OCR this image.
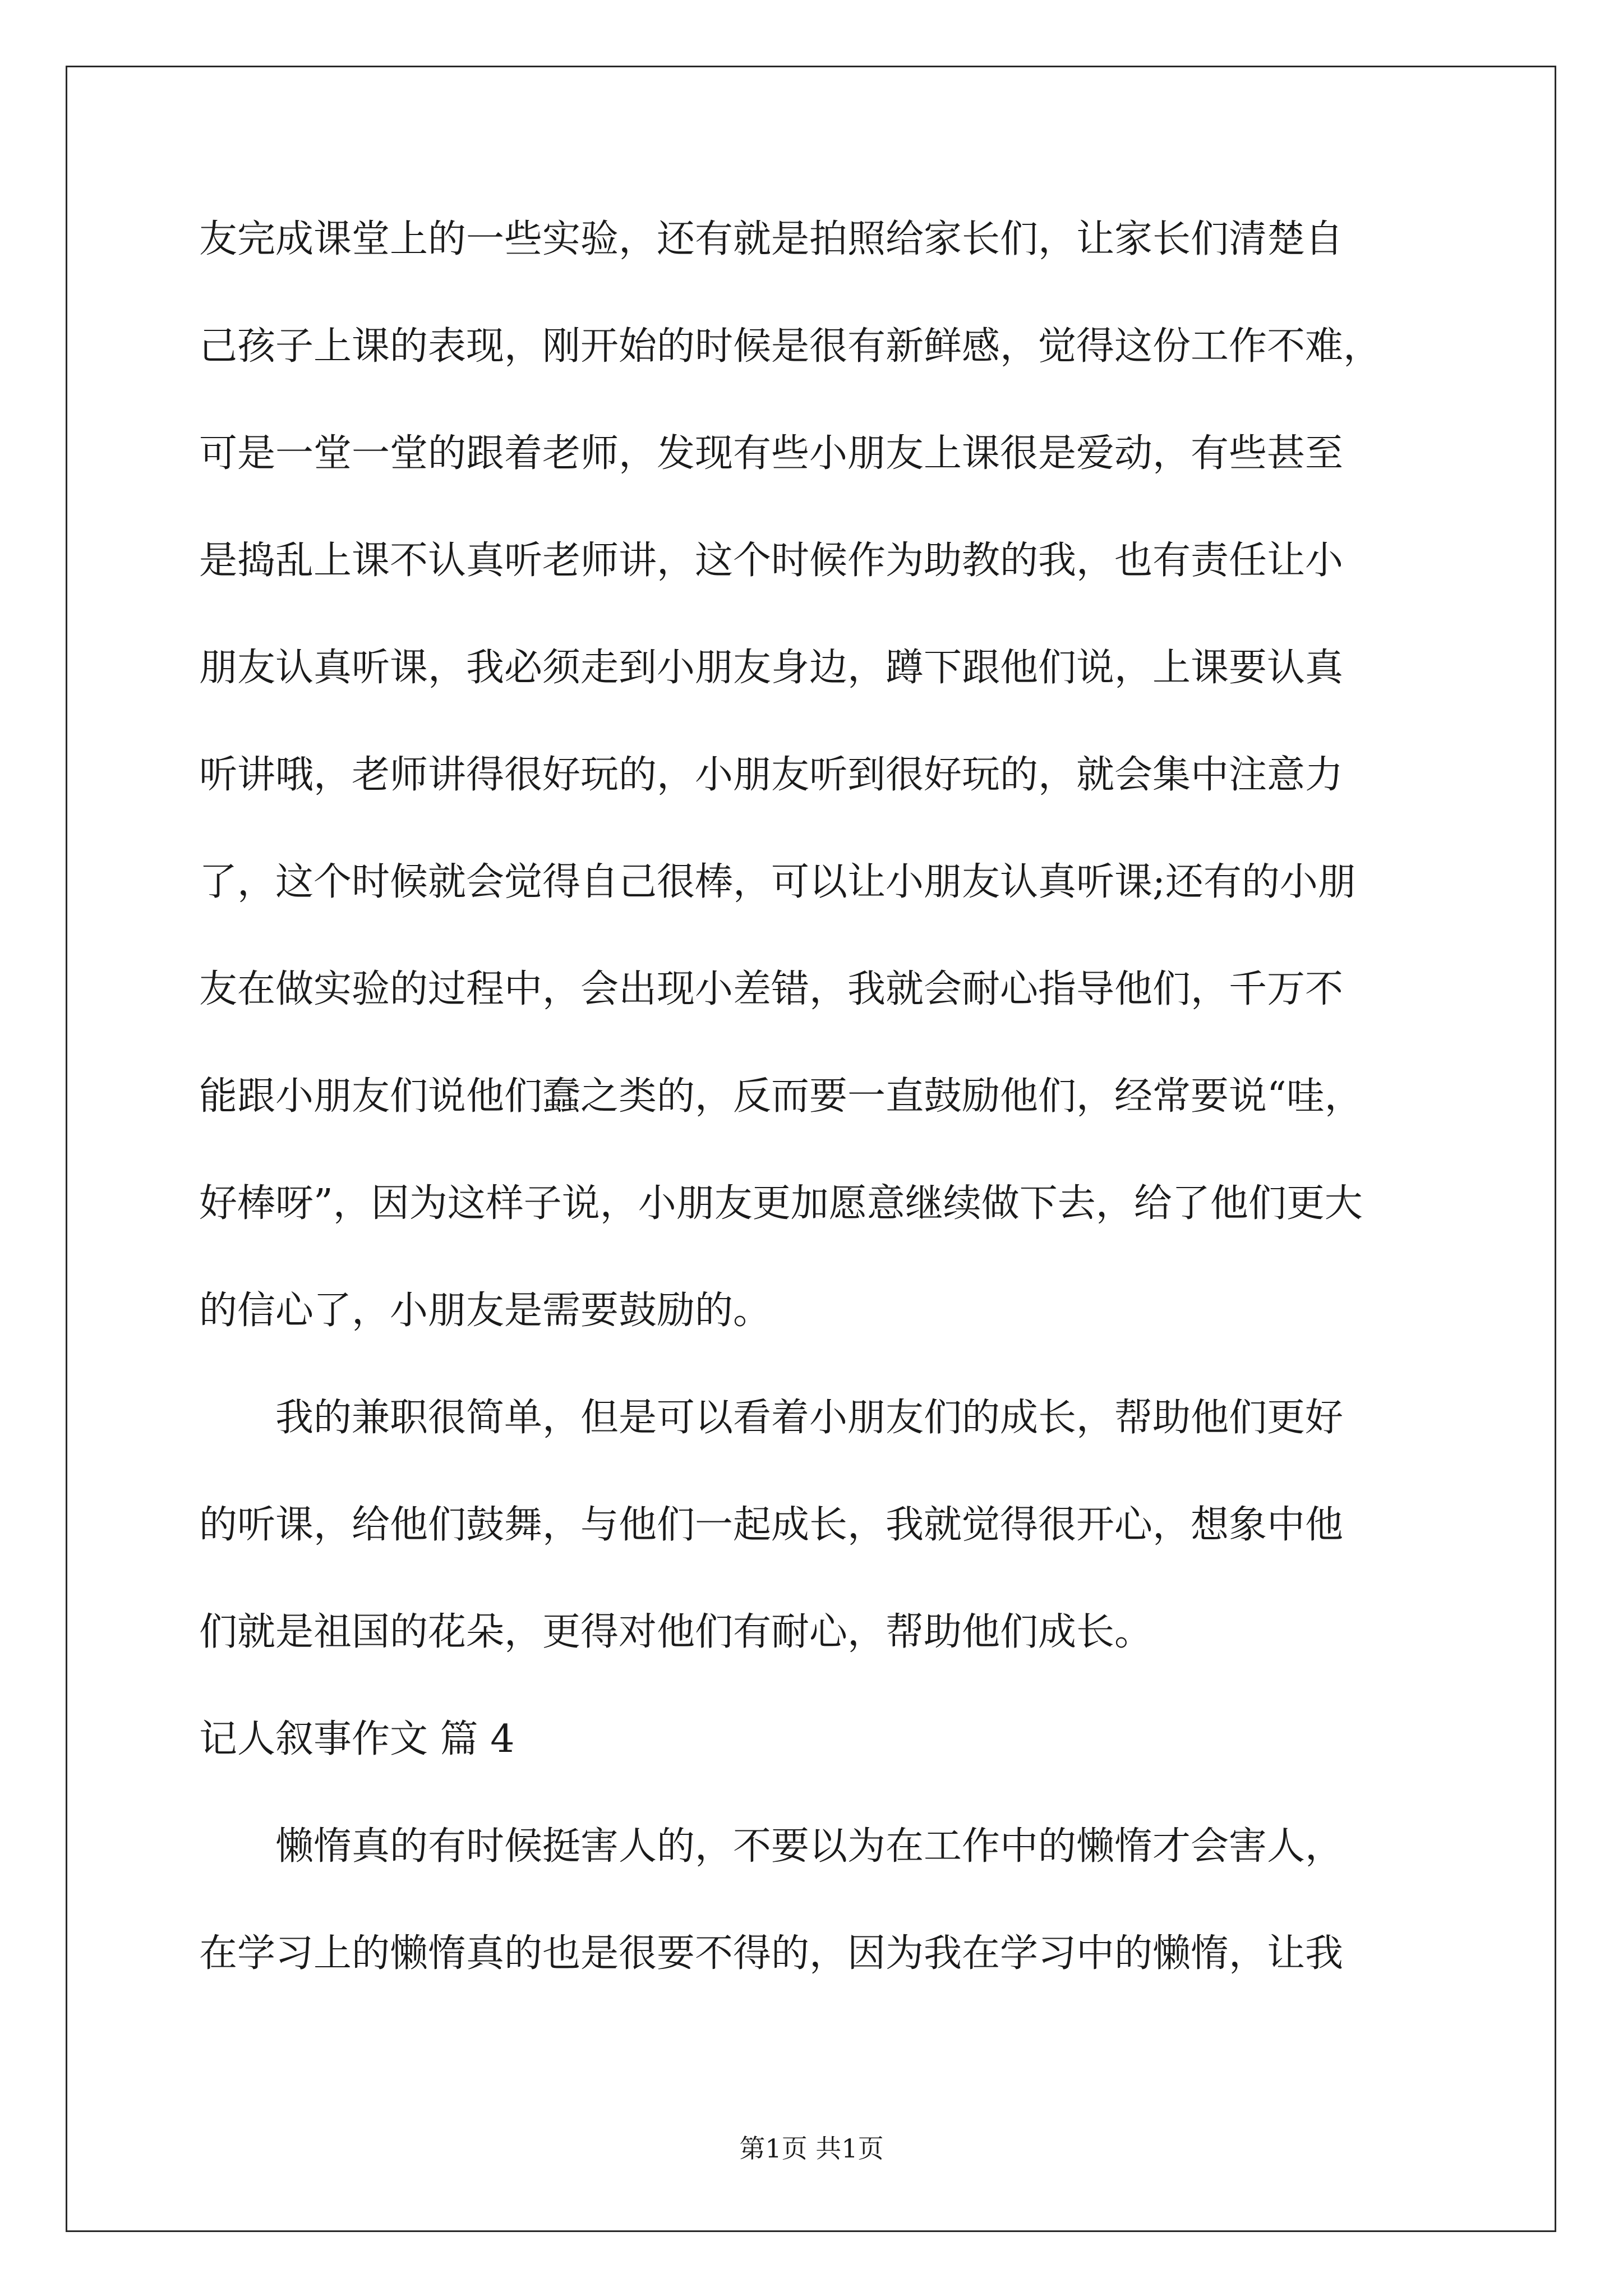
友完成课堂上的一些实验，还有就是拍照给家长们，让家长们清楚自
己孩子上课的表现，刚开始的时候是很有新鲜感，觉得这份工作不难，
可是一堂一堂的跟着老师，发现有些小朋友上课很是爱动，有些甚至
是捣乱上课不认真听老师讲，这个时候作为助教的我，也有责任让小
朋友认真听课，我必须走到小朋友身边，蹲下跟他们说，上课要认真
听讲哦，老师讲得很好玩的，小朋友听到很好玩的，就会集中注意力
了，这个时候就会觉得自己很棒，可以让小朋友认真听课;还有的小朋
友在做实验的过程中，会出现小差错，我就会耐心指导他们，千万不
能跟小朋友们说他们蠢之类的，反而要一直鼓励他们，经常要说“哇，
好棒呀”，因为这样子说，小朋友更加愿意继续做下去，给了他们更大
的信心了，小朋友是需要鼓励的。
　　我的兼职很简单，但是可以看着小朋友们的成长，帮助他们更好
的听课，给他们鼓舞，与他们一起成长，我就觉得很开心，想象中他
们就是祖国的花朵，更得对他们有耐心，帮助他们成长。
记人叙事作文 篇 4
　　懒惰真的有时候挺害人的，不要以为在工作中的懒惰才会害人，
在学习上的懒惰真的也是很要不得的，因为我在学习中的懒惰，让我
第1页 共1页
